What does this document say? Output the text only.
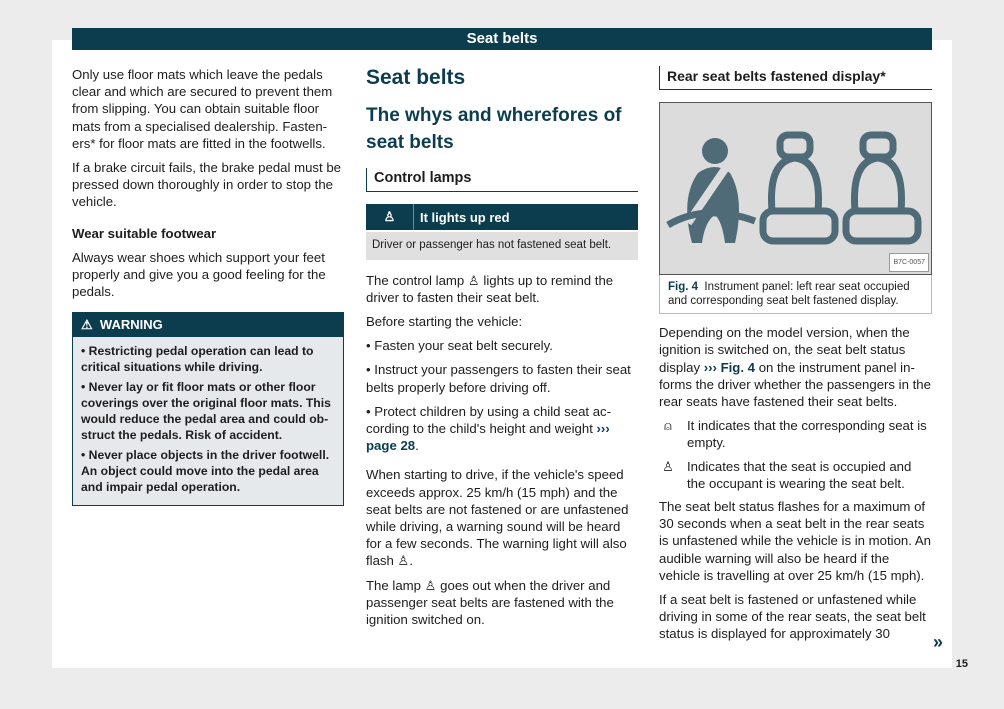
Seat belts

Only use floor mats which leave the pedals clear and which are secured to prevent them from slipping. You can obtain suitable floor mats from a specialised dealership. Fasten-ers* for floor mats are fitted in the footwells.

If a brake circuit fails, the brake pedal must be pressed down thoroughly in order to stop the vehicle.

Wear suitable footwear

Always wear shoes which support your feet properly and give you a good feeling for the pedals.

⚠ WARNING

• Restricting pedal operation can lead to critical situations while driving.

• Never lay or fit floor mats or other floor coverings over the original floor mats. This would reduce the pedal area and could ob-struct the pedals. Risk of accident.

• Never place objects in the driver footwell. An object could move into the pedal area and impair pedal operation.

Seat belts
The whys and wherefores of seat belts
Control lamps
♙	It lights up red
Driver or passenger has not fastened seat belt.

The control lamp ♙ lights up to remind the driver to fasten their seat belt.

Before starting the vehicle:

• Fasten your seat belt securely.

• Instruct your passengers to fasten their seat belts properly before driving off.

• Protect children by using a child seat ac-cording to the child's height and weight ››› page 28.

When starting to drive, if the vehicle's speed exceeds approx. 25 km/h (15 mph) and the seat belts are not fastened or are unfastened while driving, a warning sound will be heard for a few seconds. The warning light will also flash ♙.

The lamp ♙ goes out when the driver and passenger seat belts are fastened with the ignition switched on.

Rear seat belts fastened display*
B7C-0057
Fig. 4 Instrument panel: left rear seat occupied and corresponding seat belt fastened display.

Depending on the model version, when the ignition is switched on, the seat belt status display ››› Fig. 4 on the instrument panel in-forms the driver whether the passengers in the rear seats have fastened their seat belts.

⍝	It indicates that the corresponding seat is empty.
♙ Indicates that the seat is occupied and the occupant is wearing the seat belt.

The seat belt status flashes for a maximum of 30 seconds when a seat belt in the rear seats is unfastened while the vehicle is in motion. An audible warning will also be heard if the vehicle is travelling at over 25 km/h (15 mph).

If a seat belt is fastened or unfastened while driving in some of the rear seats, the seat belt status is displayed for approximately 30	»
15
